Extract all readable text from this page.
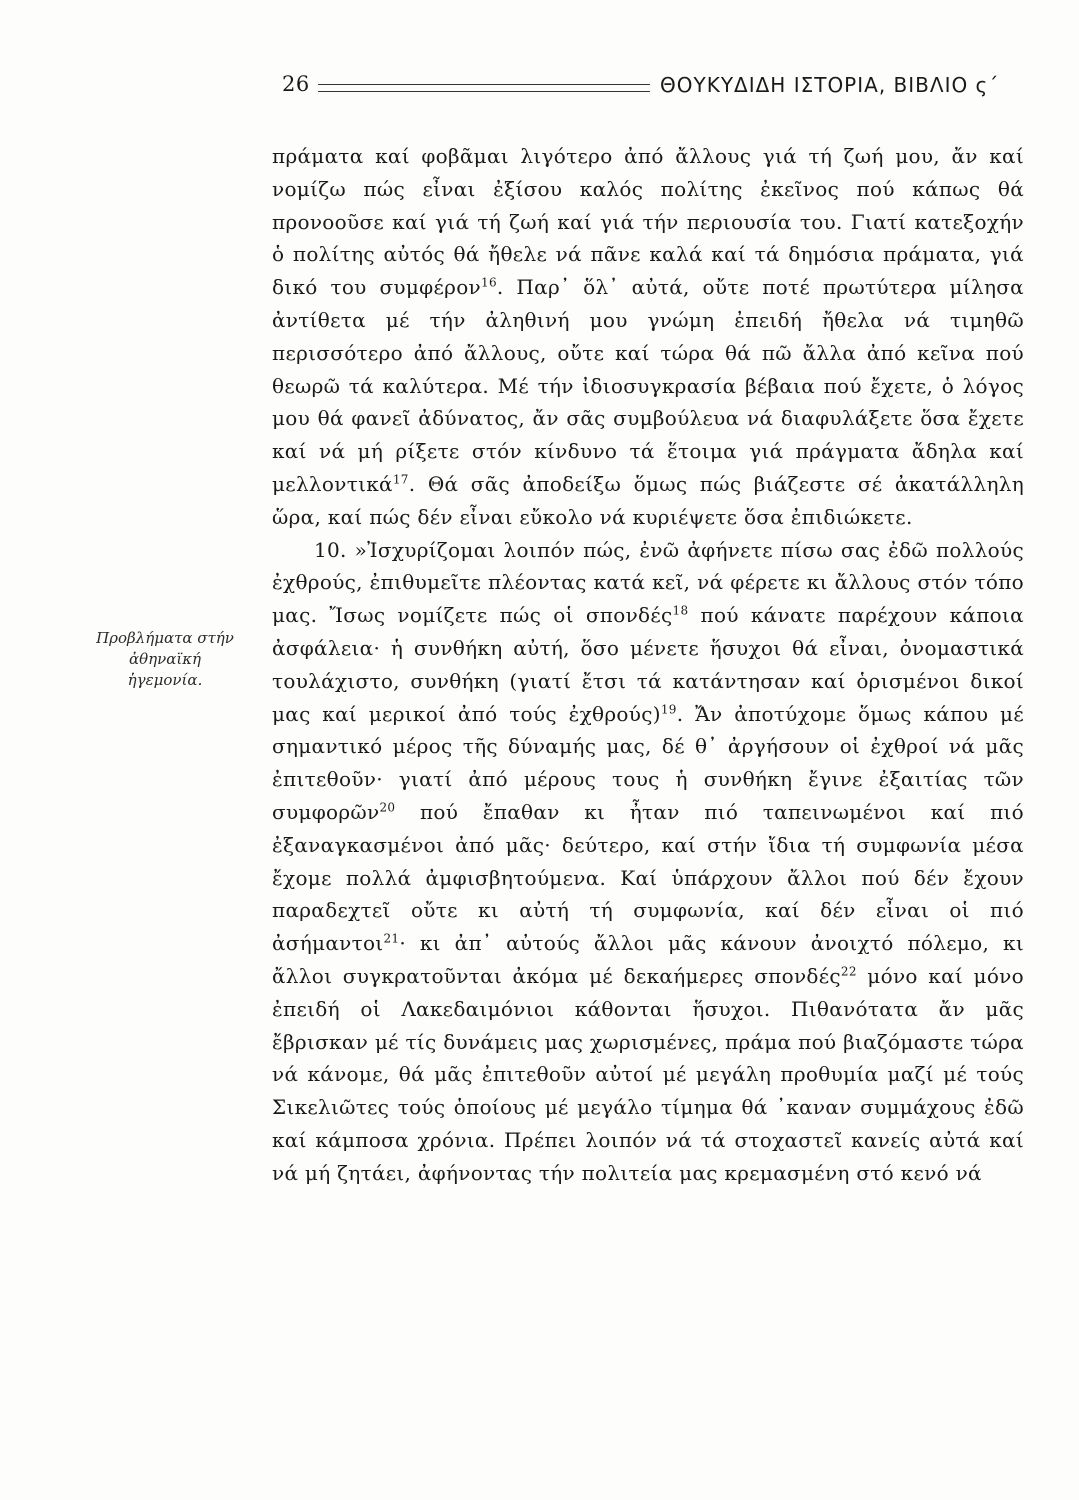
26	ΘΟΥΚΥΔΙΔΗ ΙΣΤΟΡΙΑ, ΒΙΒΛΙΟ ς΄
Προβλήματα στήν ἀθηναϊκή ἡγεμονία.

πράματα καί φοβᾶμαι λιγότερο ἀπό ἄλλους γιά τή ζωή μου, ἄν καί νομίζω πώς εἶναι ἐξίσου καλός πολίτης ἐκεῖνος πού κάπως θά προνοοῦσε καί γιά τή ζωή καί γιά τήν περιουσία του. Γιατί κατεξοχήν ὁ πολίτης αὐτός θά ἤθελε νά πᾶνε καλά καί τά δημόσια πράματα, γιά δικό του συμφέρον$^{16}$. Παρ᾽ ὅλ᾽ αὐτά, οὔτε ποτέ πρωτύτερα μίλησα ἀντίθετα μέ τήν ἀληθινή μου γνώμη ἐπειδή ἤθελα νά τιμηθῶ περισσότερο ἀπό ἄλλους, οὔτε καί τώρα θά πῶ ἄλλα ἀπό κεῖνα πού θεωρῶ τά καλύτερα. Μέ τήν ἰδιοσυγκρασία βέβαια πού ἔχετε, ὁ λόγος μου θά φανεῖ ἀδύνατος, ἄν σᾶς συμβούλευα νά διαφυλάξετε ὅσα ἔχετε καί νά μή ρίξετε στόν κίνδυνο τά ἕτοιμα γιά πράγματα ἄδηλα καί μελλοντικά$^{17}$. Θά σᾶς ἀποδείξω ὅμως πώς βιάζεστε σέ ἀκατάλληλη ὥρα, καί πώς δέν εἶναι εὔκολο νά κυριέψετε ὅσα ἐπιδιώκετε.

10. »Ἰσχυρίζομαι λοιπόν πώς, ἐνῶ ἀφήνετε πίσω σας ἐδῶ πολλούς ἐχθρούς, ἐπιθυμεῖτε πλέοντας κατά κεῖ, νά φέρετε κι ἄλλους στόν τόπο μας. Ἴσως νομίζετε πώς οἱ σπονδές$^{18}$ πού κάνατε παρέχουν κάποια ἀσφάλεια· ἡ συνθήκη αὐτή, ὅσο μένετε ἥσυχοι θά εἶναι, ὀνομαστικά τουλάχιστο, συνθήκη (γιατί ἔτσι τά κατάντησαν καί ὁρισμένοι δικοί μας καί μερικοί ἀπό τούς ἐχθρούς)$^{19}$. Ἄν ἀποτύχομε ὅμως κάπου μέ σημαντικό μέρος τῆς δύναμής μας, δέ θ᾽ ἀργήσουν οἱ ἐχθροί νά μᾶς ἐπιτεθοῦν· γιατί ἀπό μέρους τους ἡ συνθήκη ἔγινε ἐξαιτίας τῶν συμφορῶν$^{20}$ πού ἔπαθαν κι ἦταν πιό ταπεινωμένοι καί πιό ἐξαναγκασμένοι ἀπό μᾶς· δεύτερο, καί στήν ἴδια τή συμφωνία μέσα ἔχομε πολλά ἀμφισβητούμενα. Καί ὑπάρχουν ἄλλοι πού δέν ἔχουν παραδεχτεῖ οὔτε κι αὐτή τή συμφωνία, καί δέν εἶναι οἱ πιό ἀσήμαντοι$^{21}$· κι ἀπ᾽ αὐτούς ἄλλοι μᾶς κάνουν ἀνοιχτό πόλεμο, κι ἄλλοι συγκρατοῦνται ἀκόμα μέ δεκαήμερες σπονδές$^{22}$ μόνο καί μόνο ἐπειδή οἱ Λακεδαιμόνιοι κάθονται ἥσυχοι. Πιθανότατα ἄν μᾶς ἔβρισκαν μέ τίς δυνάμεις μας χωρισμένες, πράμα πού βιαζόμαστε τώρα νά κάνομε, θά μᾶς ἐπιτεθοῦν αὐτοί μέ μεγάλη προθυμία μαζί μέ τούς Σικελιῶτες τούς ὁποίους μέ μεγάλο τίμημα θά ᾽καναν συμμάχους ἐδῶ καί κάμποσα χρόνια. Πρέπει λοιπόν νά τά στοχαστεῖ κανείς αὐτά καί νά μή ζητάει, ἀφήνοντας τήν πολιτεία μας κρεμασμένη στό κενό νά
